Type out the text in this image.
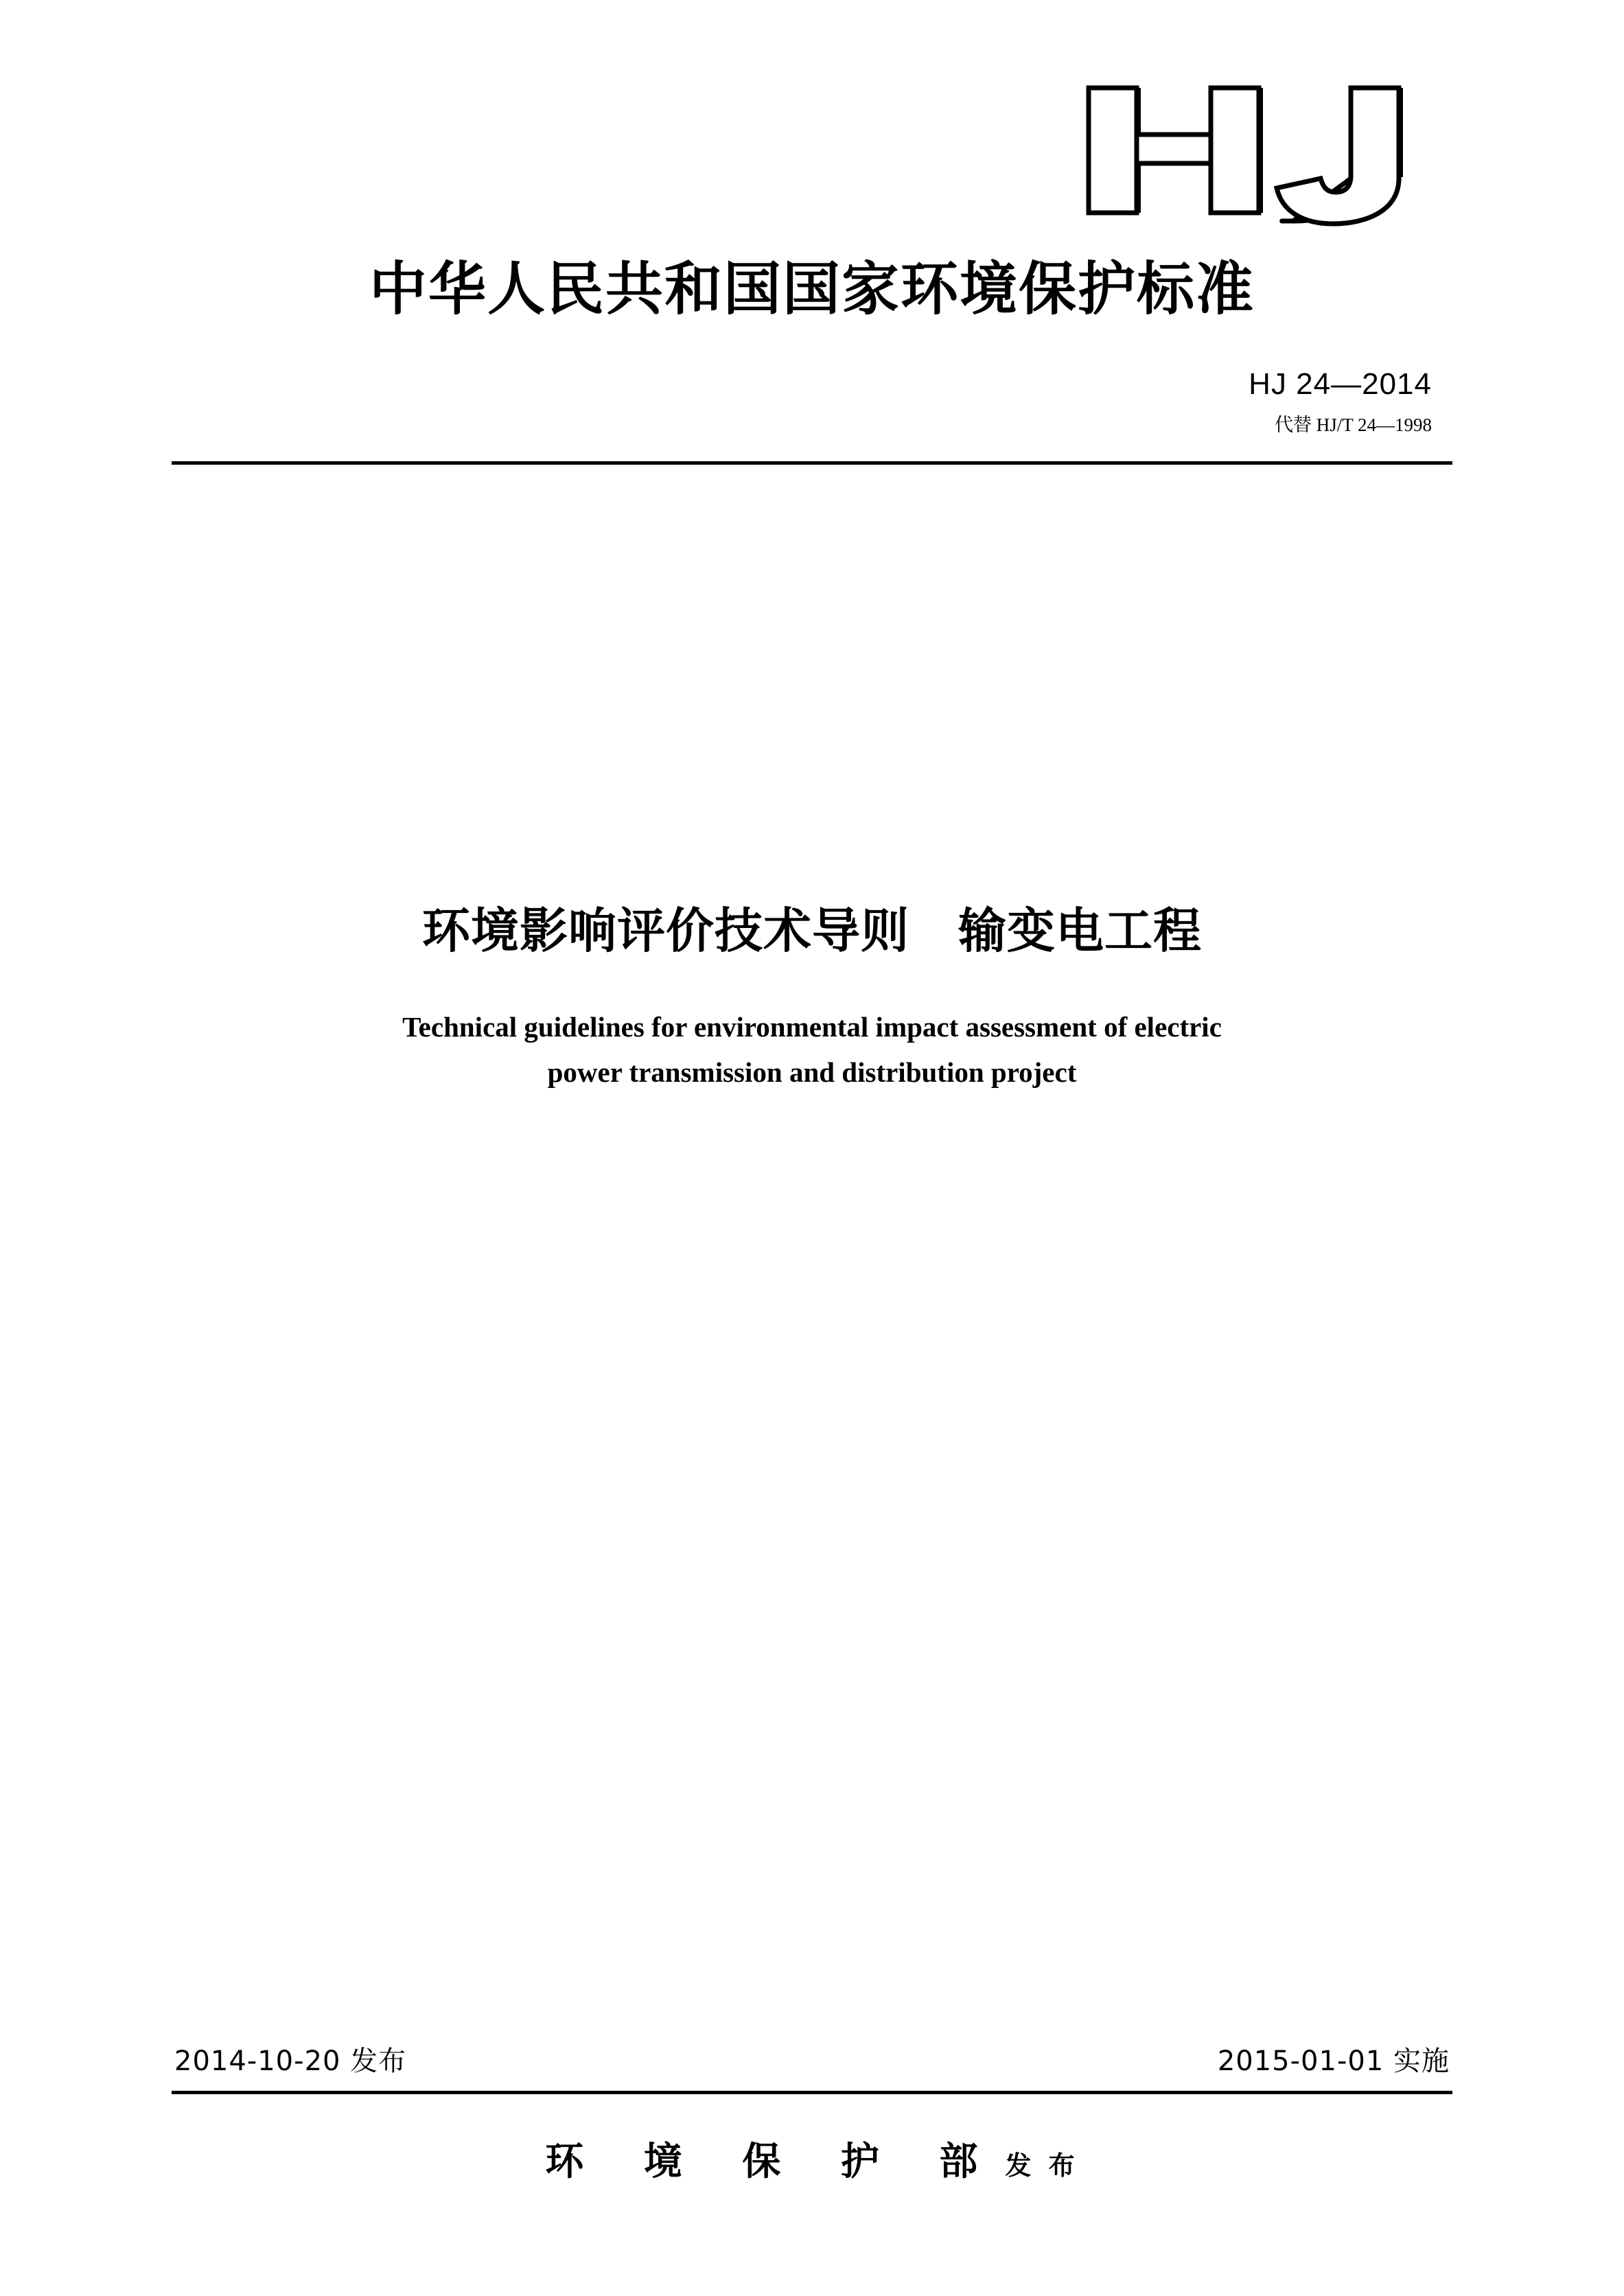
中华人民共和国国家环境保护标准
HJ 24—2014
代替 HJ/T 24—1998
环境影响评价技术导则　输变电工程
Technical guidelines for environmental impact assessment of electric
power transmission and distribution project
2014-10-20 发布	2015-01-01 实施
环 境 保 护 部 发 布
